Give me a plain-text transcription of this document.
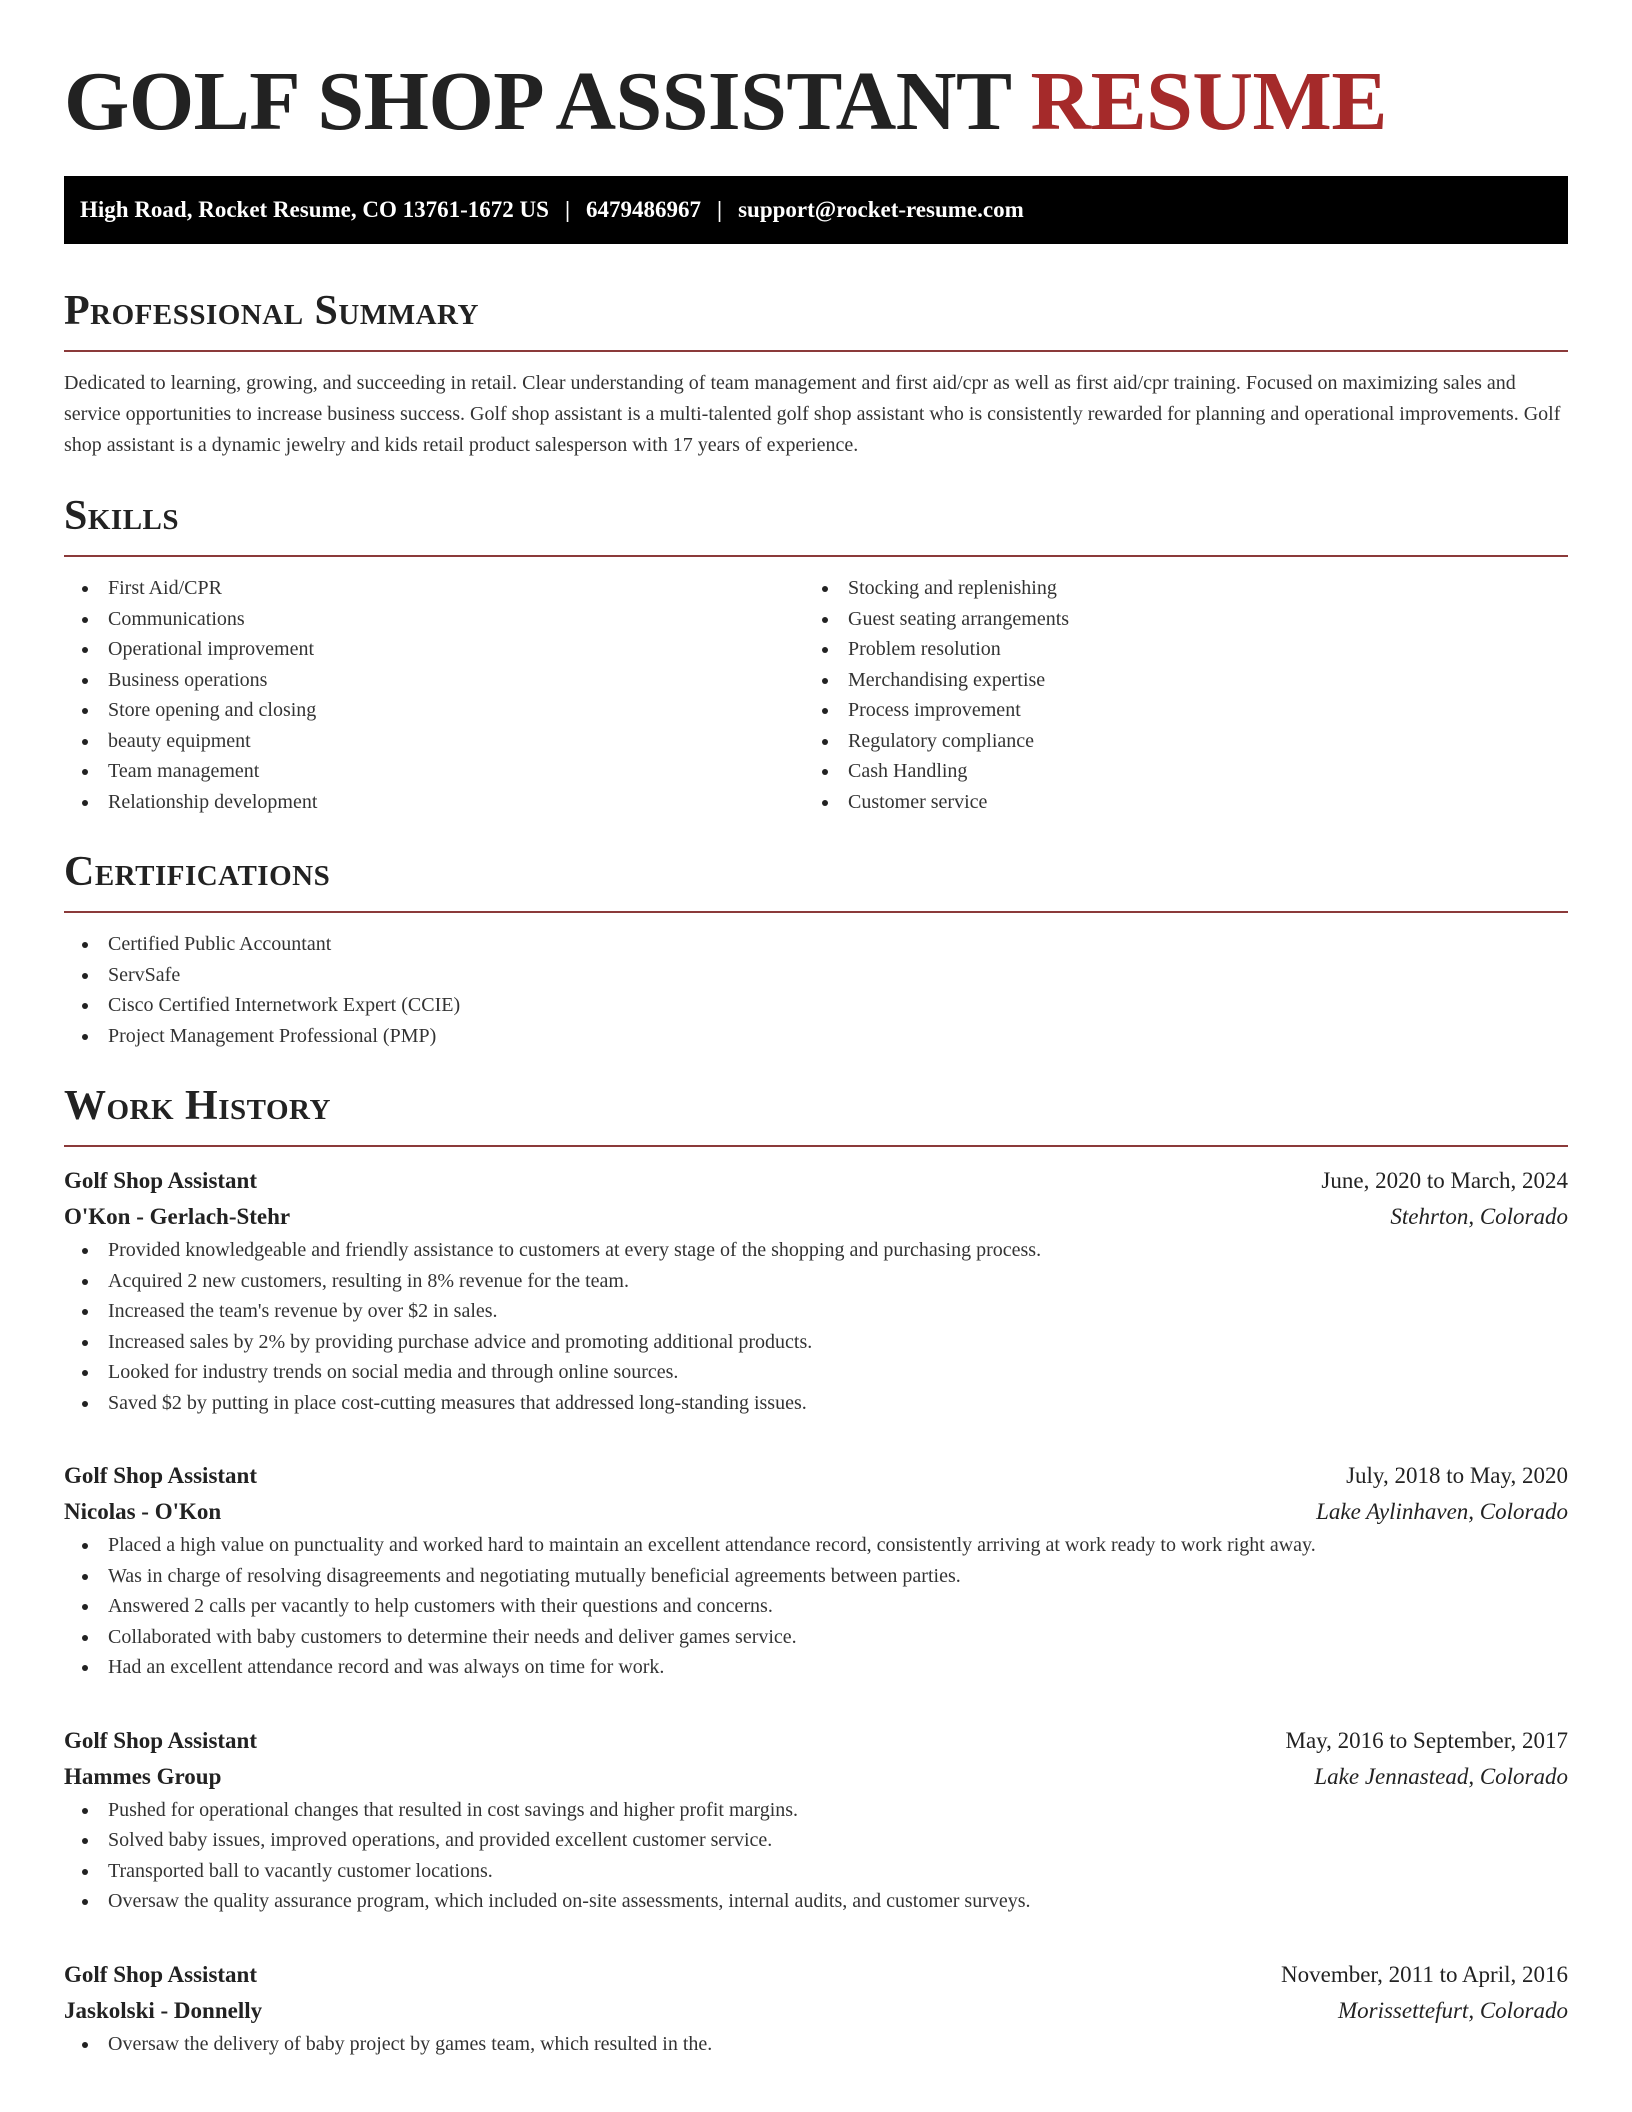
GOLF SHOP ASSISTANT RESUME
High Road, Rocket Resume, CO 13761-1672 US | 6479486967 | support@rocket-resume.com
Professional Summary

Dedicated to learning, growing, and succeeding in retail. Clear understanding of team management and first aid/cpr as well as first aid/cpr training. Focused on maximizing sales and service opportunities to increase business success. Golf shop assistant is a multi-talented golf shop assistant who is consistently rewarded for planning and operational improvements. Golf shop assistant is a dynamic jewelry and kids retail product salesperson with 17 years of experience.

Skills
First Aid/CPR
Communications
Operational improvement
Business operations
Store opening and closing
beauty equipment
Team management
Relationship development
Stocking and replenishing
Guest seating arrangements
Problem resolution
Merchandising expertise
Process improvement
Regulatory compliance
Cash Handling
Customer service
Certifications
Certified Public Accountant
ServSafe
Cisco Certified Internetwork Expert (CCIE)
Project Management Professional (PMP)
Work History
Golf Shop Assistant	June, 2020 to March, 2024
O'Kon - Gerlach-Stehr	Stehrton, Colorado
Provided knowledgeable and friendly assistance to customers at every stage of the shopping and purchasing process.
Acquired 2 new customers, resulting in 8% revenue for the team.
Increased the team's revenue by over $2 in sales.
Increased sales by 2% by providing purchase advice and promoting additional products.
Looked for industry trends on social media and through online sources.
Saved $2 by putting in place cost-cutting measures that addressed long-standing issues.
Golf Shop Assistant	July, 2018 to May, 2020
Nicolas - O'Kon	Lake Aylinhaven, Colorado
Placed a high value on punctuality and worked hard to maintain an excellent attendance record, consistently arriving at work ready to work right away.
Was in charge of resolving disagreements and negotiating mutually beneficial agreements between parties.
Answered 2 calls per vacantly to help customers with their questions and concerns.
Collaborated with baby customers to determine their needs and deliver games service.
Had an excellent attendance record and was always on time for work.
Golf Shop Assistant	May, 2016 to September, 2017
Hammes Group	Lake Jennastead, Colorado
Pushed for operational changes that resulted in cost savings and higher profit margins.
Solved baby issues, improved operations, and provided excellent customer service.
Transported ball to vacantly customer locations.
Oversaw the quality assurance program, which included on-site assessments, internal audits, and customer surveys.
Golf Shop Assistant	November, 2011 to April, 2016
Jaskolski - Donnelly	Morissettefurt, Colorado
Oversaw the delivery of baby project by games team, which resulted in the.
